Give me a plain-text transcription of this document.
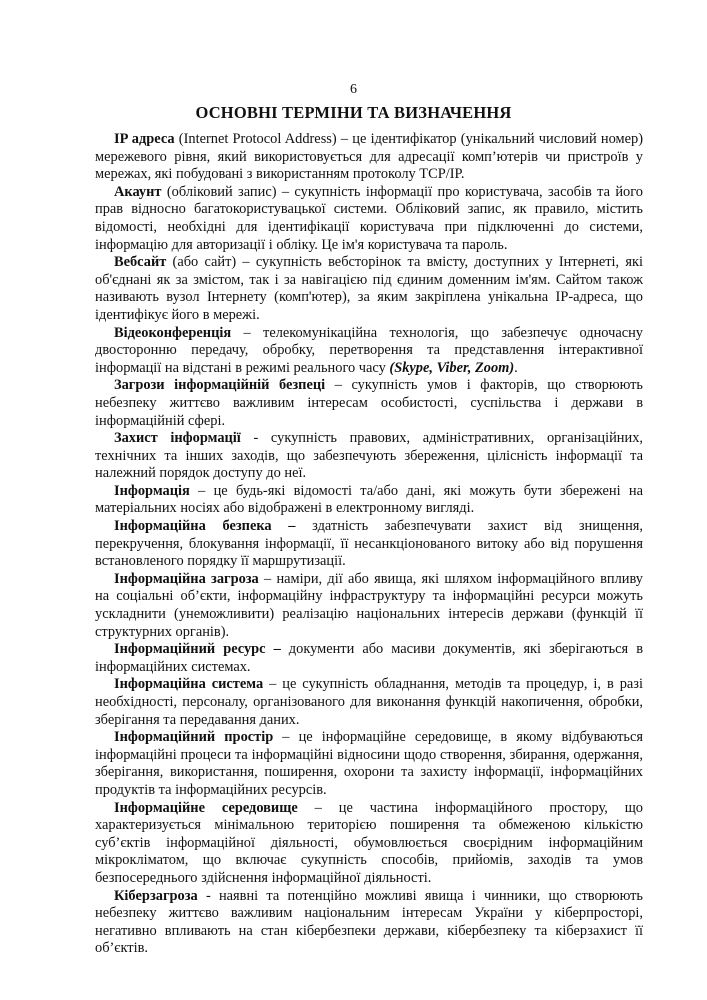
6
ОСНОВНІ ТЕРМІНИ ТА ВИЗНАЧЕННЯ

IP адреса (Internet Protocol Address) – це ідентифікатор (унікальний числовий номер) мережевого рівня, який використовується для адресації комп’ютерів чи пристроїв у мережах, які побудовані з використанням протоколу TCP/IP.

Акаунт (обліковий запис) – сукупність інформації про користувача, засобів та його прав відносно багатокористувацької системи. Обліковий запис, як правило, містить відомості, необхідні для ідентифікації користувача при підключенні до системи, інформацію для авторизації і обліку. Це ім'я користувача та пароль.

Вебсайт (або сайт) – сукупність вебсторінок та вмісту, доступних у Інтернеті, які об'єднані як за змістом, так і за навігацією під єдиним доменним ім'ям. Сайтом також називають вузол Інтернету (комп'ютер), за яким закріплена унікальна IP-адреса, що ідентифікує його в мережі.

Відеоконференція – телекомунікаційна технологія, що забезпечує одночасну двосторонню передачу, обробку, перетворення та представлення інтерактивної інформації на відстані в режимі реального часу (Skype, Viber, Zoom).

Загрози інформаційній безпеці – сукупність умов і факторів, що створюють небезпеку життєво важливим інтересам особистості, суспільства і держави в інформаційній сфері.

Захист інформації - сукупність правових, адміністративних, організаційних, технічних та інших заходів, що забезпечують збереження, цілісність інформації та належний порядок доступу до неї.

Інформація – це будь-які відомості та/або дані, які можуть бути збережені на матеріальних носіях або відображені в електронному вигляді.

Інформаційна безпека – здатність забезпечувати захист від знищення, перекручення, блокування інформації, її несанкціонованого витоку або від порушення встановленого порядку її маршрутизації.

Інформаційна загроза – наміри, дії або явища, які шляхом інформаційного впливу на соціальні об’єкти, інформаційну інфраструктуру та інформаційні ресурси можуть ускладнити (унеможливити) реалізацію національних інтересів держави (функцій її структурних органів).

Інформаційний ресурс – документи або масиви документів, які зберігаються в інформаційних системах.

Інформаційна система – це сукупність обладнання, методів та процедур, і, в разі необхідності, персоналу, організованого для виконання функцій накопичення, обробки, зберігання та передавання даних.

Інформаційний простір – це інформаційне середовище, в якому відбуваються інформаційні процеси та інформаційні відносини щодо створення, збирання, одержання, зберігання, використання, поширення, охорони та захисту інформації, інформаційних продуктів та інформаційних ресурсів.

Інформаційне середовище – це частина інформаційного простору, що характеризується мінімальною територією поширення та обмеженою кількістю суб’єктів інформаційної діяльності, обумовлюється своєрідним інформаційним мікрокліматом, що включає сукупність способів, прийомів, заходів та умов безпосереднього здійснення інформаційної діяльності.

Кіберзагроза - наявні та потенційно можливі явища і чинники, що створюють небезпеку життєво важливим національним інтересам України у кіберпросторі, негативно впливають на стан кібербезпеки держави, кібербезпеку та кіберзахист її об’єктів.
